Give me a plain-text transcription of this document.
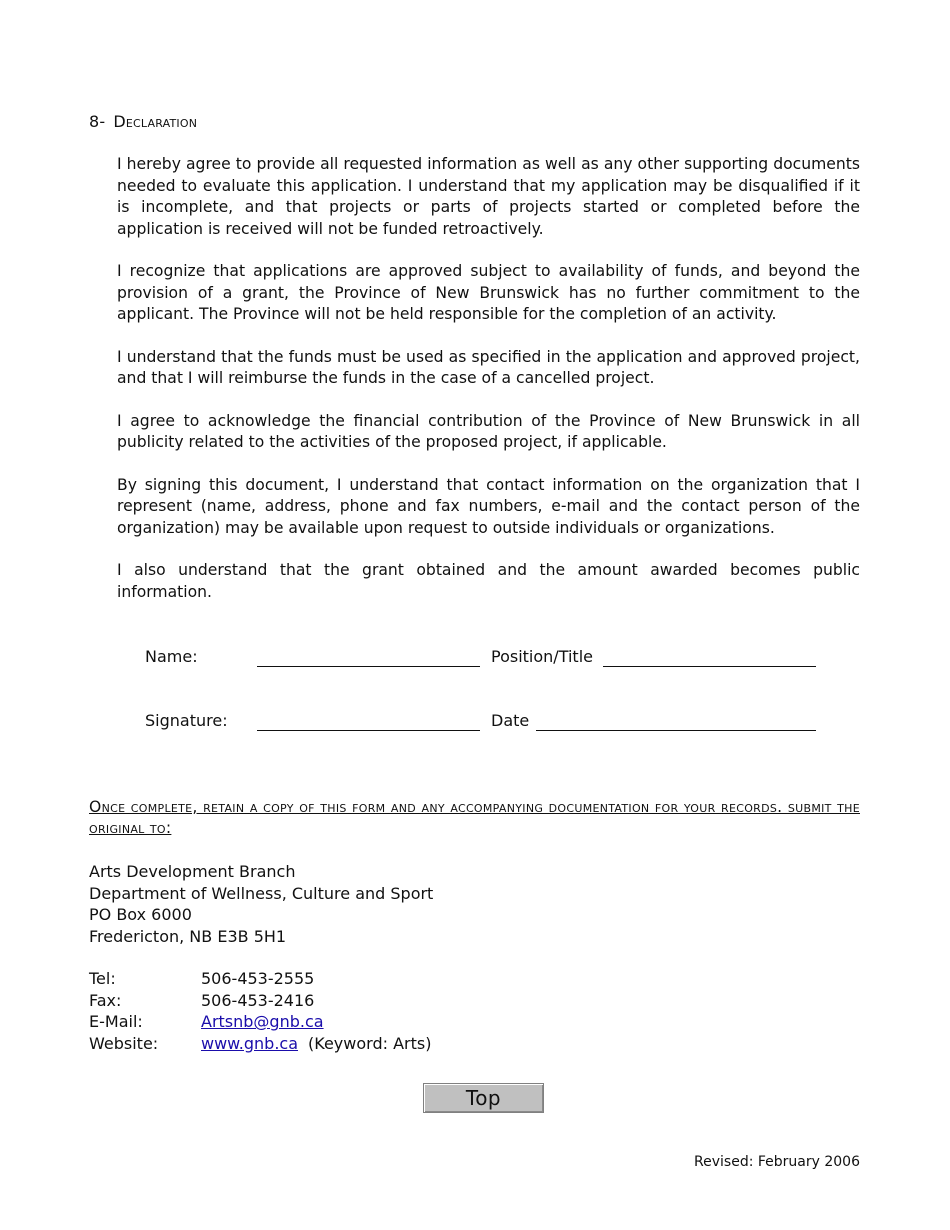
8- Declaration

I hereby agree to provide all requested information as well as any other supporting documents needed to evaluate this application. I understand that my application may be disqualified if it is incomplete, and that projects or parts of projects started or completed before the application is received will not be funded retroactively.

I recognize that applications are approved subject to availability of funds, and beyond the provision of a grant, the Province of New Brunswick has no further commitment to the applicant. The Province will not be held responsible for the completion of an activity.

I understand that the funds must be used as specified in the application and approved project, and that I will reimburse the funds in the case of a cancelled project.

I agree to acknowledge the financial contribution of the Province of New Brunswick in all publicity related to the activities of the proposed project, if applicable.

By signing this document, I understand that contact information on the organization that I represent (name, address, phone and fax numbers, e-mail and the contact person of the organization) may be available upon request to outside individuals or organizations.

I also understand that the grant obtained and the amount awarded becomes public information.

Name:	Position/Title
Signature:	Date
Once complete, retain a copy of this form and any accompanying documentation for your records. submit the original to:
Arts Development Branch
Department of Wellness, Culture and Sport
PO Box 6000
Fredericton, NB E3B 5H1
Tel:	506-453-2555
Fax:	506-453-2416
E-Mail:	Artsnb@gnb.ca
Website:	www.gnb.ca (Keyword: Arts)
Top
Revised: February 2006
